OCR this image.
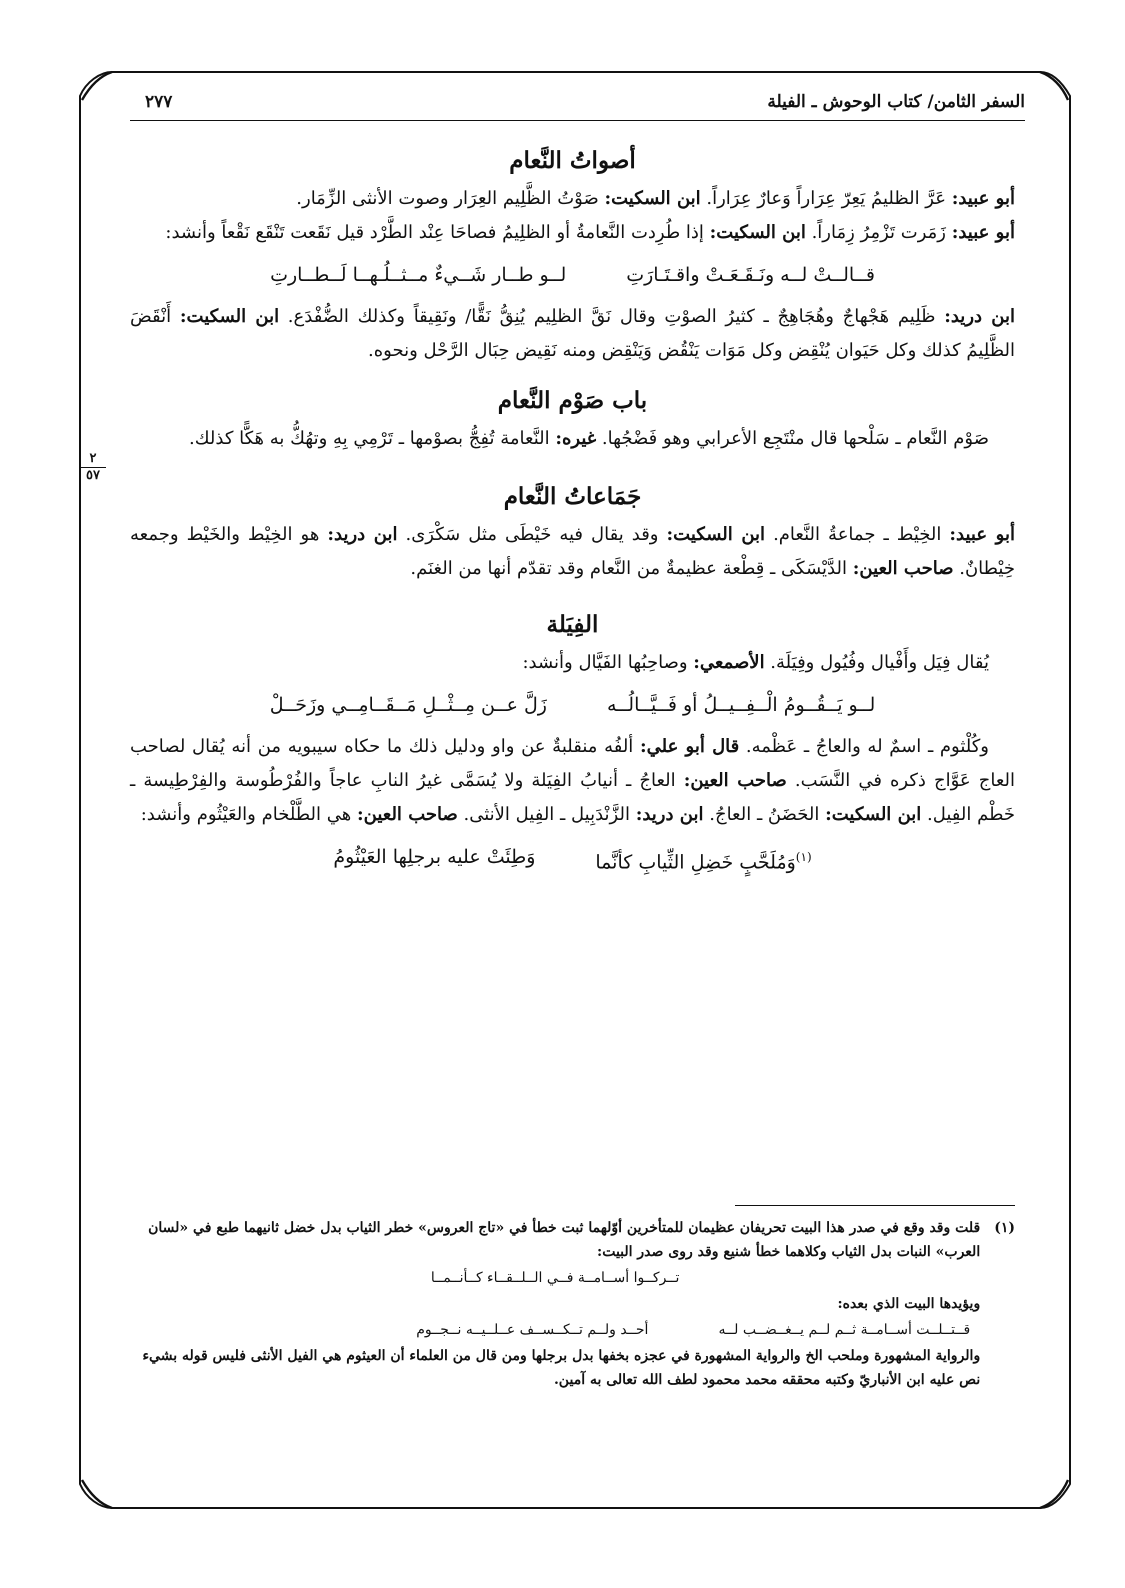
السفر الثامن/ كتاب الوحوش ـ الفيلة
٢٧٧
٢
٥٧
أصواتُ النَّعام

أبو عبيد: عَرَّ الظليمُ يَعِرّ عِرَاراً وَعارٌ عِرَاراً. ابن السكيت: صَوْتُ الظَّلِيم العِرَار وصوت الأنثى الزِّمَار.

أبو عبيد: زَمَرت تَزْمِرُ زِمَاراً. ابن السكيت: إذا طُرِدت النَّعامةُ أو الظلِيمُ فصاحَا عِنْد الطَّرْد قيل نَقَعت تَنْقَع نَقْعاً وأنشد:

قــالــتْ لــه ونَـقَـعَـتْ واقـتَـارَتِ
لــو طــار شَــيءٌ مــثــلُـهــا لَــطــارتِ

ابن دريد: ظَلِيم هَجْهاجٌ وهُجَاهِجٌ ـ كثيرُ الصوْتِ وقال نَقَّ الظلِيم يُنِقُّ نَقًّا/ ونَقِيقاً وكذلك الضُّفْدَع. ابن السكيت: أَنْقَضَ الظَّلِيمُ كذلك وكل حَيَوان يُنْقِض وكل مَوَات يَنْقُض وَيَنْقِض ومنه نَقِيض حِبَال الرَّحْل ونحوه.

باب صَوْم النَّعام

صَوْم النَّعام ـ سَلْحها قال منْتَجِع الأعرابي وهو فَضْجُها. غيره: النَّعامة تُفِجُّ بصوْمها ـ تَرْمِي بِهِ وتهُكُّ به هَكًّا كذلك.

جَمَاعاتُ النَّعام

أبو عبيد: الخِيْط ـ جماعةُ النَّعام. ابن السكيت: وقد يقال فيه خَيْطَى مثل سَكْرَى. ابن دريد: هو الخِيْط والخَيْط وجمعه خِيْطانٌ. صاحب العين: الدَّيْسَكَى ـ قِطْعة عظيمةٌ من النَّعام وقد تقدّم أنها من الغنَم.

الفِيَلة

يُقال فِيَل وأَفْيال وفُيُول وفِيَلَة. الأصمعي: وصاحِبُها الفَيَّال وأنشد:

لــو يَــقُــومُ الْــفِــيــلُ أو فَــيَّــالُــه
زَلَّ عــن مِــثْــلِ مَــقَــامِــي وزَحَــلْ

وكُلْثوم ـ اسمٌ له والعاجُ ـ عَظْمه. قال أبو علي: ألفُه منقلبةٌ عن واو ودليل ذلك ما حكاه سيبويه من أنه يُقال لصاحب العاج عَوَّاج ذكره في النَّسَب. صاحب العين: العاجُ ـ أنيابُ الفِيَلة ولا يُسَمَّى غيرُ النابِ عاجاً والفُرْطُوسة والفِرْطِيسة ـ خَطْم الفِيل. ابن السكيت: الحَضَنُ ـ العاجُ. ابن دريد: الزَّنْدَبِيل ـ الفِيل الأنثى. صاحب العين: هي الطَّلْخام والعَيْثُوم وأنشد:

$^{(١)}$وَمُلَحَّبٍ خَضِلِ الثِّيابِ كأنَّما
وَطِئَتْ عليه برجلِها العَيْثُومُ
(١)

قلت وقد وقع في صدر هذا البيت تحريفان عظيمان للمتأخرين أوّلهما ثبت خطأ في «تاج العروس» خطر الثياب بدل خضل ثانيهما طبع في «لسان العرب» النبات بدل الثياب وكلاهما خطأ شنيع وقد روى صدر البيت:

تــركــوا أســامــة فــي الــلــقــاء كــأنــمــا

ويؤيدها البيت الذي بعده:

قــتــلــت أســامــة ثــم لــم يــغــضــب لــه
أحــد ولــم تــكــســف عــلــيــه نــجــوم

والرواية المشهورة وملحب الخ والرواية المشهورة في عجزه بخفها بدل برجلها ومن قال من العلماء أن العيثوم هي الفيل الأنثى فليس قوله بشيء نص عليه ابن الأنباريّ وكتبه محققه محمد محمود لطف الله تعالى به آمين.
